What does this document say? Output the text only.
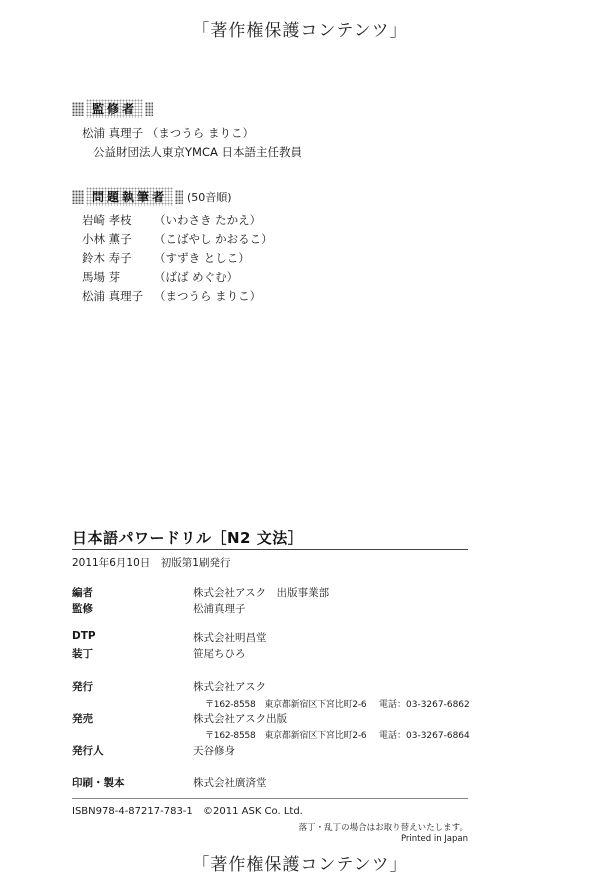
「著作権保護コンテンツ」
監修者
松浦 真理子 （まつうら まりこ）
公益財団法人東京YMCA 日本語主任教員
問題執筆者	(50音順)
岩崎 孝枝 （いわさき たかえ）
小林 薫子 （こばやし かおるこ）
鈴木 寿子 （すずき としこ）
馬場 芽	（ばば めぐむ）
松浦 真理子 （まつうら まりこ）
日本語パワードリル［N2 文法］
2011年6月10日　初版第1刷発行
編者	株式会社アスク　出版事業部
監修	松浦真理子
DTP	株式会社明昌堂
装丁	笹尾ちひろ
発行	株式会社アスク
〒162-8558　東京都新宿区下宮比町2-6 電話：03-3267-6862
発売	株式会社アスク出版
〒162-8558　東京都新宿区下宮比町2-6 電話：03-3267-6864
発行人	天谷修身
印刷・製本	株式会社廣済堂
ISBN978-4-87217-783-1 ©2011 ASK Co. Ltd.
落丁・乱丁の場合はお取り替えいたします。
Printed in Japan
「著作権保護コンテンツ」
